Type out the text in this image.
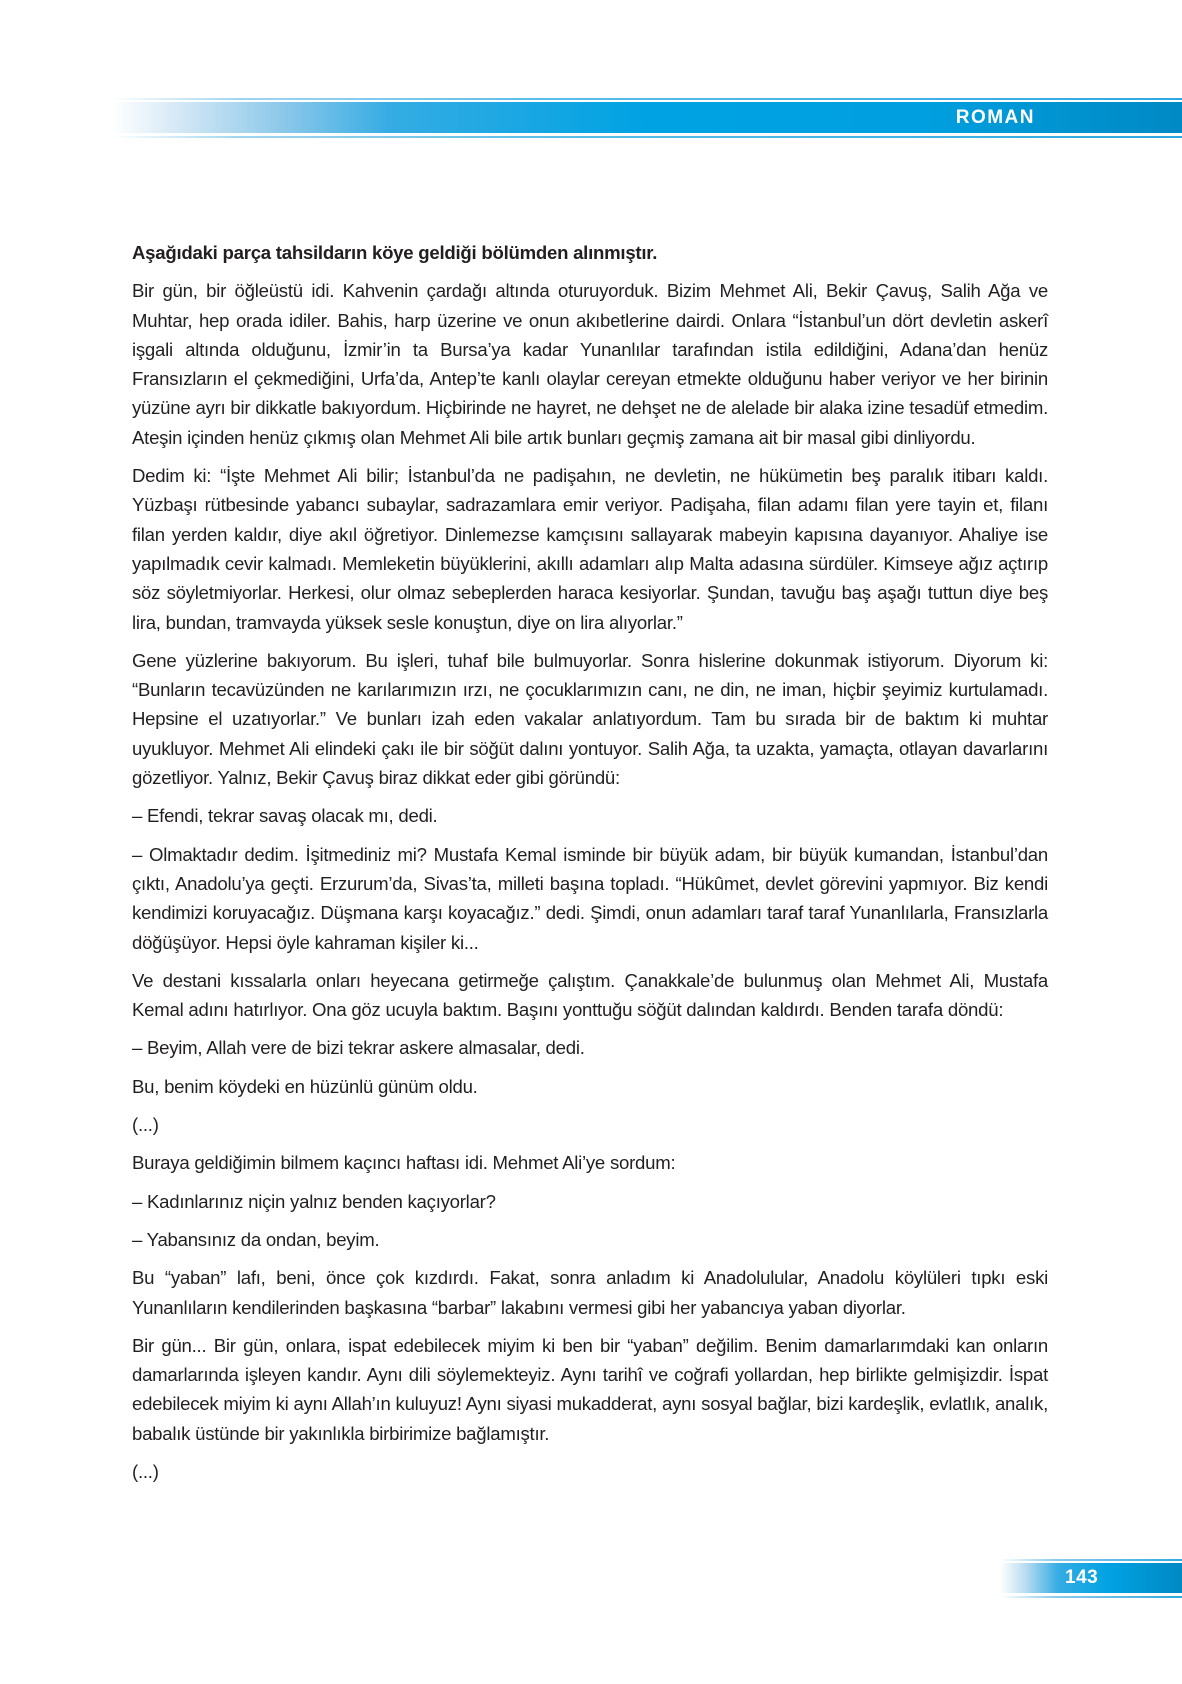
ROMAN

Aşağıdaki parça tahsildarın köye geldiği bölümden alınmıştır.

Bir gün, bir öğleüstü idi. Kahvenin çardağı altında oturuyorduk. Bizim Mehmet Ali, Bekir Çavuş, Salih Ağa ve Muhtar, hep orada idiler. Bahis, harp üzerine ve onun akıbetlerine dairdi. Onlara “İstanbul’un dört devletin askerî işgali altında olduğunu, İzmir’in ta Bursa’ya kadar Yunanlılar tarafından istila edildiğini, Adana’dan henüz Fransızların el çekmediğini, Urfa’da, Antep’te kanlı olaylar cereyan etmekte olduğunu haber veriyor ve her birinin yüzüne ayrı bir dikkatle bakıyordum. Hiçbirinde ne hayret, ne dehşet ne de alelade bir alaka izine tesadüf etmedim. Ateşin içinden henüz çıkmış olan Mehmet Ali bile artık bunları geçmiş zamana ait bir masal gibi dinliyordu.

Dedim ki: “İşte Mehmet Ali bilir; İstanbul’da ne padişahın, ne devletin, ne hükümetin beş paralık itibarı kaldı. Yüzbaşı rütbesinde yabancı subaylar, sadrazamlara emir veriyor. Padişaha, filan adamı filan yere tayin et, filanı filan yerden kaldır, diye akıl öğretiyor. Dinlemezse kamçısını sallayarak mabeyin kapısına dayanıyor. Ahaliye ise yapılmadık cevir kalmadı. Memleketin büyüklerini, akıllı adamları alıp Malta adasına sürdüler. Kimseye ağız açtırıp söz söyletmiyorlar. Herkesi, olur olmaz sebeplerden haraca kesiyorlar. Şundan, tavuğu baş aşağı tuttun diye beş lira, bundan, tramvayda yüksek sesle konuştun, diye on lira alıyorlar.”

Gene yüzlerine bakıyorum. Bu işleri, tuhaf bile bulmuyorlar. Sonra hislerine dokunmak istiyorum. Diyorum ki: “Bunların tecavüzünden ne karılarımızın ırzı, ne çocuklarımızın canı, ne din, ne iman, hiçbir şeyimiz kurtulamadı. Hepsine el uzatıyorlar.” Ve bunları izah eden vakalar anlatıyordum. Tam bu sırada bir de baktım ki muhtar uyukluyor. Mehmet Ali elindeki çakı ile bir söğüt dalını yontuyor. Salih Ağa, ta uzakta, yamaçta, otlayan davarlarını gözetliyor. Yalnız, Bekir Çavuş biraz dikkat eder gibi göründü:

– Efendi, tekrar savaş olacak mı, dedi.

– Olmaktadır dedim. İşitmediniz mi? Mustafa Kemal isminde bir büyük adam, bir büyük kumandan, İstanbul’dan çıktı, Anadolu’ya geçti. Erzurum’da, Sivas’ta, milleti başına topladı. “Hükûmet, devlet görevini yapmıyor. Biz kendi kendimizi koruyacağız. Düşmana karşı koyacağız.” dedi. Şimdi, onun adamları taraf taraf Yunanlılarla, Fransızlarla döğüşüyor. Hepsi öyle kahraman kişiler ki...

Ve destani kıssalarla onları heyecana getirmeğe çalıştım. Çanakkale’de bulunmuş olan Mehmet Ali, Mustafa Kemal adını hatırlıyor. Ona göz ucuyla baktım. Başını yonttuğu söğüt dalından kaldırdı. Benden tarafa döndü:

– Beyim, Allah vere de bizi tekrar askere almasalar, dedi.

Bu, benim köydeki en hüzünlü günüm oldu.

(...)

Buraya geldiğimin bilmem kaçıncı haftası idi. Mehmet Ali’ye sordum:

– Kadınlarınız niçin yalnız benden kaçıyorlar?

– Yabansınız da ondan, beyim.

Bu “yaban” lafı, beni, önce çok kızdırdı. Fakat, sonra anladım ki Anadolulular, Anadolu köylüleri tıpkı eski Yunanlıların kendilerinden başkasına “barbar” lakabını vermesi gibi her yabancıya yaban diyorlar.

Bir gün... Bir gün, onlara, ispat edebilecek miyim ki ben bir “yaban” değilim. Benim damarlarımdaki kan onların damarlarında işleyen kandır. Aynı dili söylemekteyiz. Aynı tarihî ve coğrafi yollardan, hep birlikte gelmişizdir. İspat edebilecek miyim ki aynı Allah’ın kuluyuz! Aynı siyasi mukadderat, aynı sosyal bağlar, bizi kardeşlik, evlatlık, analık, babalık üstünde bir yakınlıkla birbirimize bağlamıştır.

(...)

143
